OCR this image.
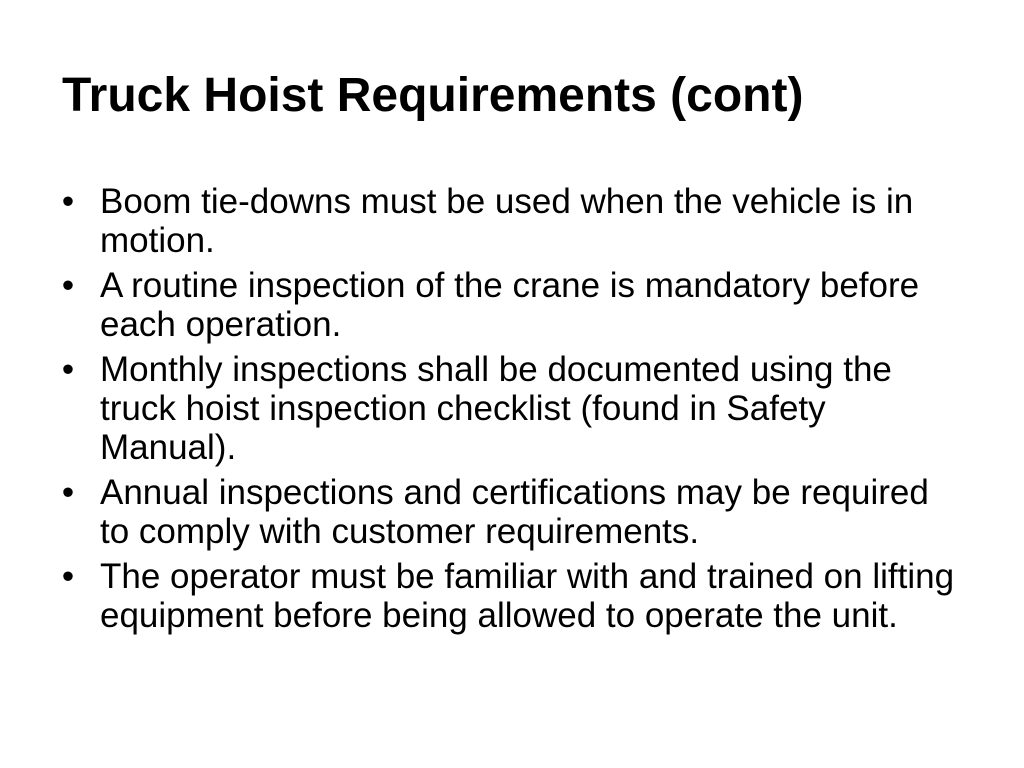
Truck Hoist Requirements (cont)
• Boom tie-downs must be used when the vehicle is in motion.
• A routine inspection of the crane is mandatory before each operation.
• Monthly inspections shall be documented using the truck hoist inspection checklist (found in Safety Manual).
• Annual inspections and certifications may be required to comply with customer requirements.
• The operator must be familiar with and trained on lifting equipment before being allowed to operate the unit.
